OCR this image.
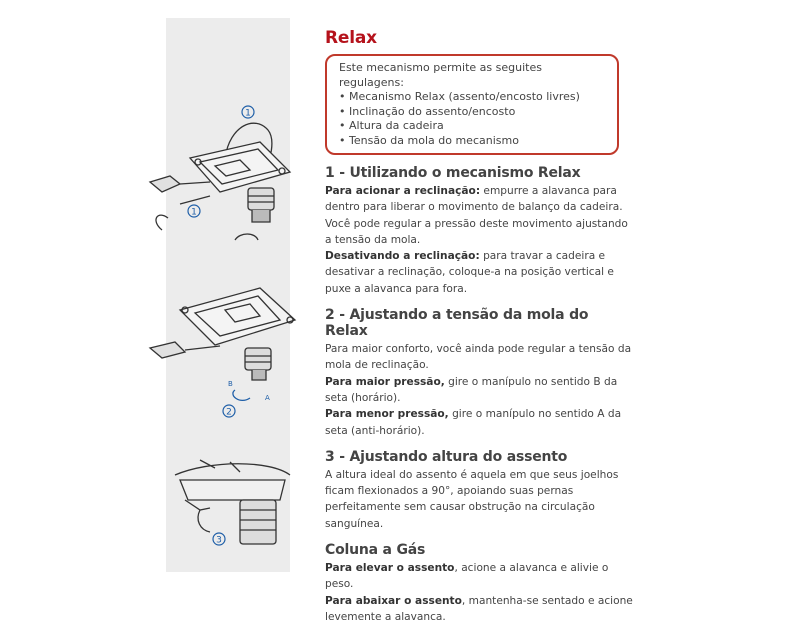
1
1
B
A
2
3
Relax
Este mecanismo permite as seguites regulagens:
• Mecanismo Relax (assento/encosto livres)
• Inclinação do assento/encosto
• Altura da cadeira
• Tensão da mola do mecanismo
1 - Utilizando o mecanismo Relax

Para acionar a reclinação: empurre a alavanca para dentro para liberar o movimento de balanço da cadeira. Você pode regular a pressão deste movimento ajustando a tensão da mola.

Desativando a reclinação: para travar a cadeira e desativar a reclinação, coloque-a na posição vertical e puxe a alavanca para fora.

2 - Ajustando a tensão da mola do Relax

Para maior conforto, você ainda pode regular a tensão da mola de reclinação.

Para maior pressão, gire o manípulo no sentido B da seta (horário).

Para menor pressão, gire o manípulo no sentido A da seta (anti-horário).

3 - Ajustando altura do assento

A altura ideal do assento é aquela em que seus joelhos ficam flexionados a 90°, apoiando suas pernas perfeitamente sem causar obstrução na circulação sanguínea.

Coluna a Gás

Para elevar o assento, acione a alavanca e alivie o peso.

Para abaixar o assento, mantenha-se sentado e acione levemente a alavanca.
